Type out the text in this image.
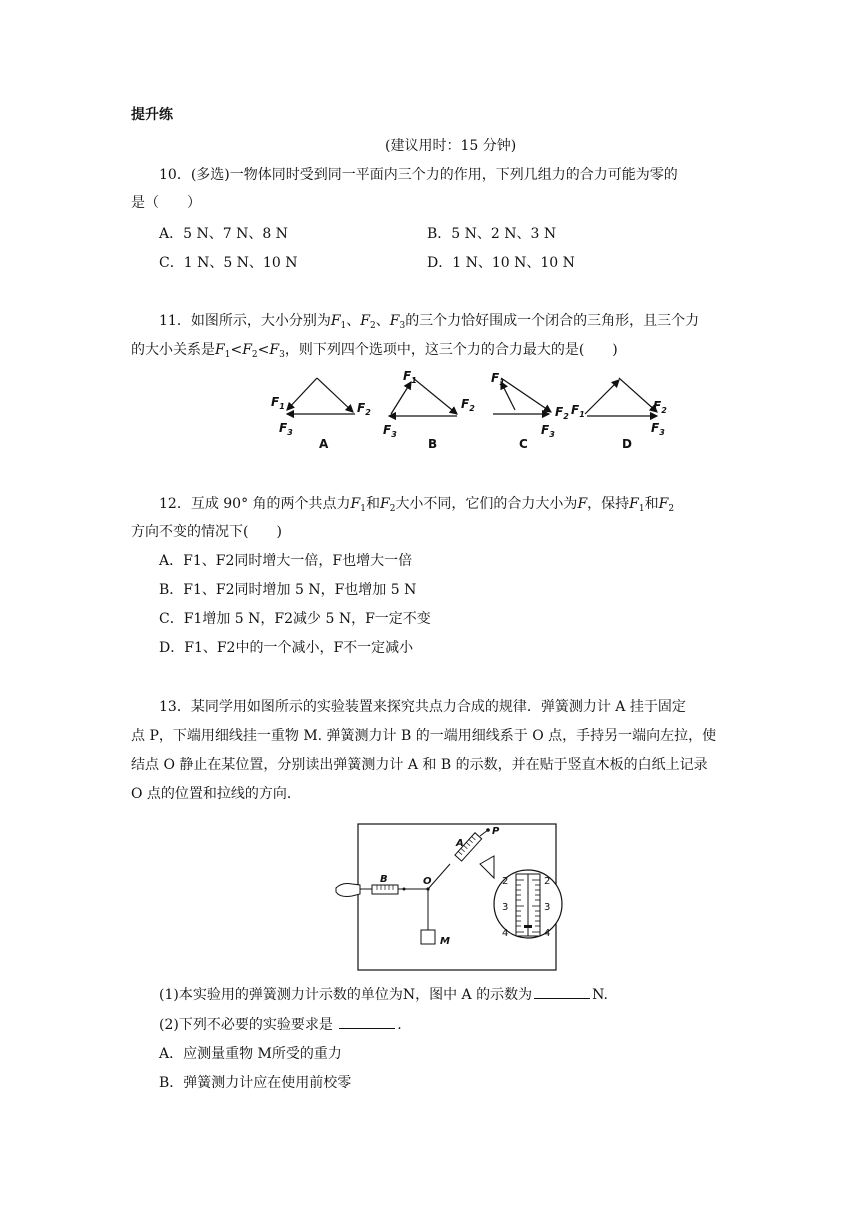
提升练
(建议用时：15 分钟)
10．(多选)一物体同时受到同一平面内三个力的作用，下列几组力的合力可能为零的
是（　　）
A．5 N、7 N、8 N	B．5 N、2 N、3 N
C．1 N、5 N、10 N	D．1 N、10 N、10 N
11．如图所示，大小分别为$F_1$、$F_2$、$F_3$的三个力恰好围成一个闭合的三角形，且三个力
的大小关系是$F_1<F_2<F_3$，则下列四个选项中，这三个力的合力最大的是(　　)
$F_1$	$F_2$
$F_3$
$F_1$
$F_2$
$F_3$
$F_1$
$F_2$
$F_3$
$F_1$
$F_2$
$F_3$
A	B	C	D
12．互成 90° 角的两个共点力$F_1$和$F_2$大小不同，它们的合力大小为F，保持$F_1$和$F_2$
方向不变的情况下(　　)
A．F1、F2同时增大一倍，F也增大一倍
B．F1、F2同时增加 5 N，F也增加 5 N
C．F1增加 5 N，F2减少 5 N，F一定不变
D．F1、F2中的一个减小，F不一定减小
13．某同学用如图所示的实验装置来探究共点力合成的规律．弹簧测力计 A 挂于固定
点 P，下端用细线挂一重物 M. 弹簧测力计 B 的一端用细线系于 O 点，手持另一端向左拉，使
结点 O 静止在某位置，分别读出弹簧测力计 A 和 B 的示数，并在贴于竖直木板的白纸上记录
O 点的位置和拉线的方向．
2	2
3	3
4	4
B	O
A
P
M
(1)本实验用的弹簧测力计示数的单位为N，图中 A 的示数为	N.
(2)下列不必要的实验要求是	.
A．应测量重物 M所受的重力
B．弹簧测力计应在使用前校零
